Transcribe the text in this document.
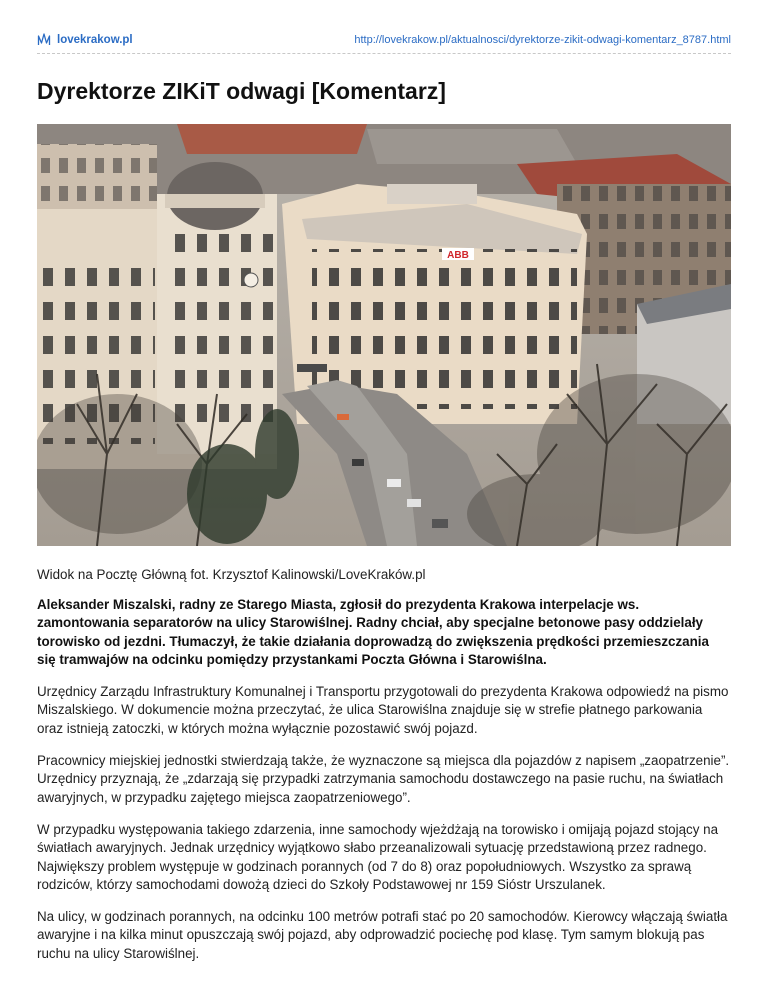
lovekrakow.pl	http://lovekrakow.pl/aktualnosci/dyrektorze-zikit-odwagi-komentarz_8787.html
Dyrektorze ZIKiT odwagi [Komentarz]
ABB

Widok na Pocztę Główną fot. Krzysztof Kalinowski/LoveKraków.pl

Aleksander Miszalski, radny ze Starego Miasta, zgłosił do prezydenta Krakowa interpelacje ws. zamontowania separatorów na ulicy Starowiślnej. Radny chciał, aby specjalne betonowe pasy oddzielały torowisko od jezdni. Tłumaczył, że takie działania doprowadzą do zwiększenia prędkości przemieszczania się tramwajów na odcinku pomiędzy przystankami Poczta Główna i Starowiślna.

Urzędnicy Zarządu Infrastruktury Komunalnej i Transportu przygotowali do prezydenta Krakowa odpowiedź na pismo Miszalskiego. W dokumencie można przeczytać, że ulica Starowiślna znajduje się w strefie płatnego parkowania oraz istnieją zatoczki, w których można wyłącznie pozostawić swój pojazd.

Pracownicy miejskiej jednostki stwierdzają także, że wyznaczone są miejsca dla pojazdów z napisem „zaopatrzenie”. Urzędnicy przyznają, że „zdarzają się przypadki zatrzymania samochodu dostawczego na pasie ruchu, na światłach awaryjnych, w przypadku zajętego miejsca zaopatrzeniowego”.

W przypadku występowania takiego zdarzenia, inne samochody wjeżdżają na torowisko i omijają pojazd stojący na światłach awaryjnych. Jednak urzędnicy wyjątkowo słabo przeanalizowali sytuację przedstawioną przez radnego. Największy problem występuje w godzinach porannych (od 7 do 8) oraz popołudniowych. Wszystko za sprawą rodziców, którzy samochodami dowożą dzieci do Szkoły Podstawowej nr 159 Sióstr Urszulanek.

Na ulicy, w godzinach porannych, na odcinku 100 metrów potrafi stać po 20 samochodów. Kierowcy włączają światła awaryjne i na kilka minut opuszczają swój pojazd, aby odprowadzić pociechę pod klasę. Tym samym blokują pas ruchu na ulicy Starowiślnej.
